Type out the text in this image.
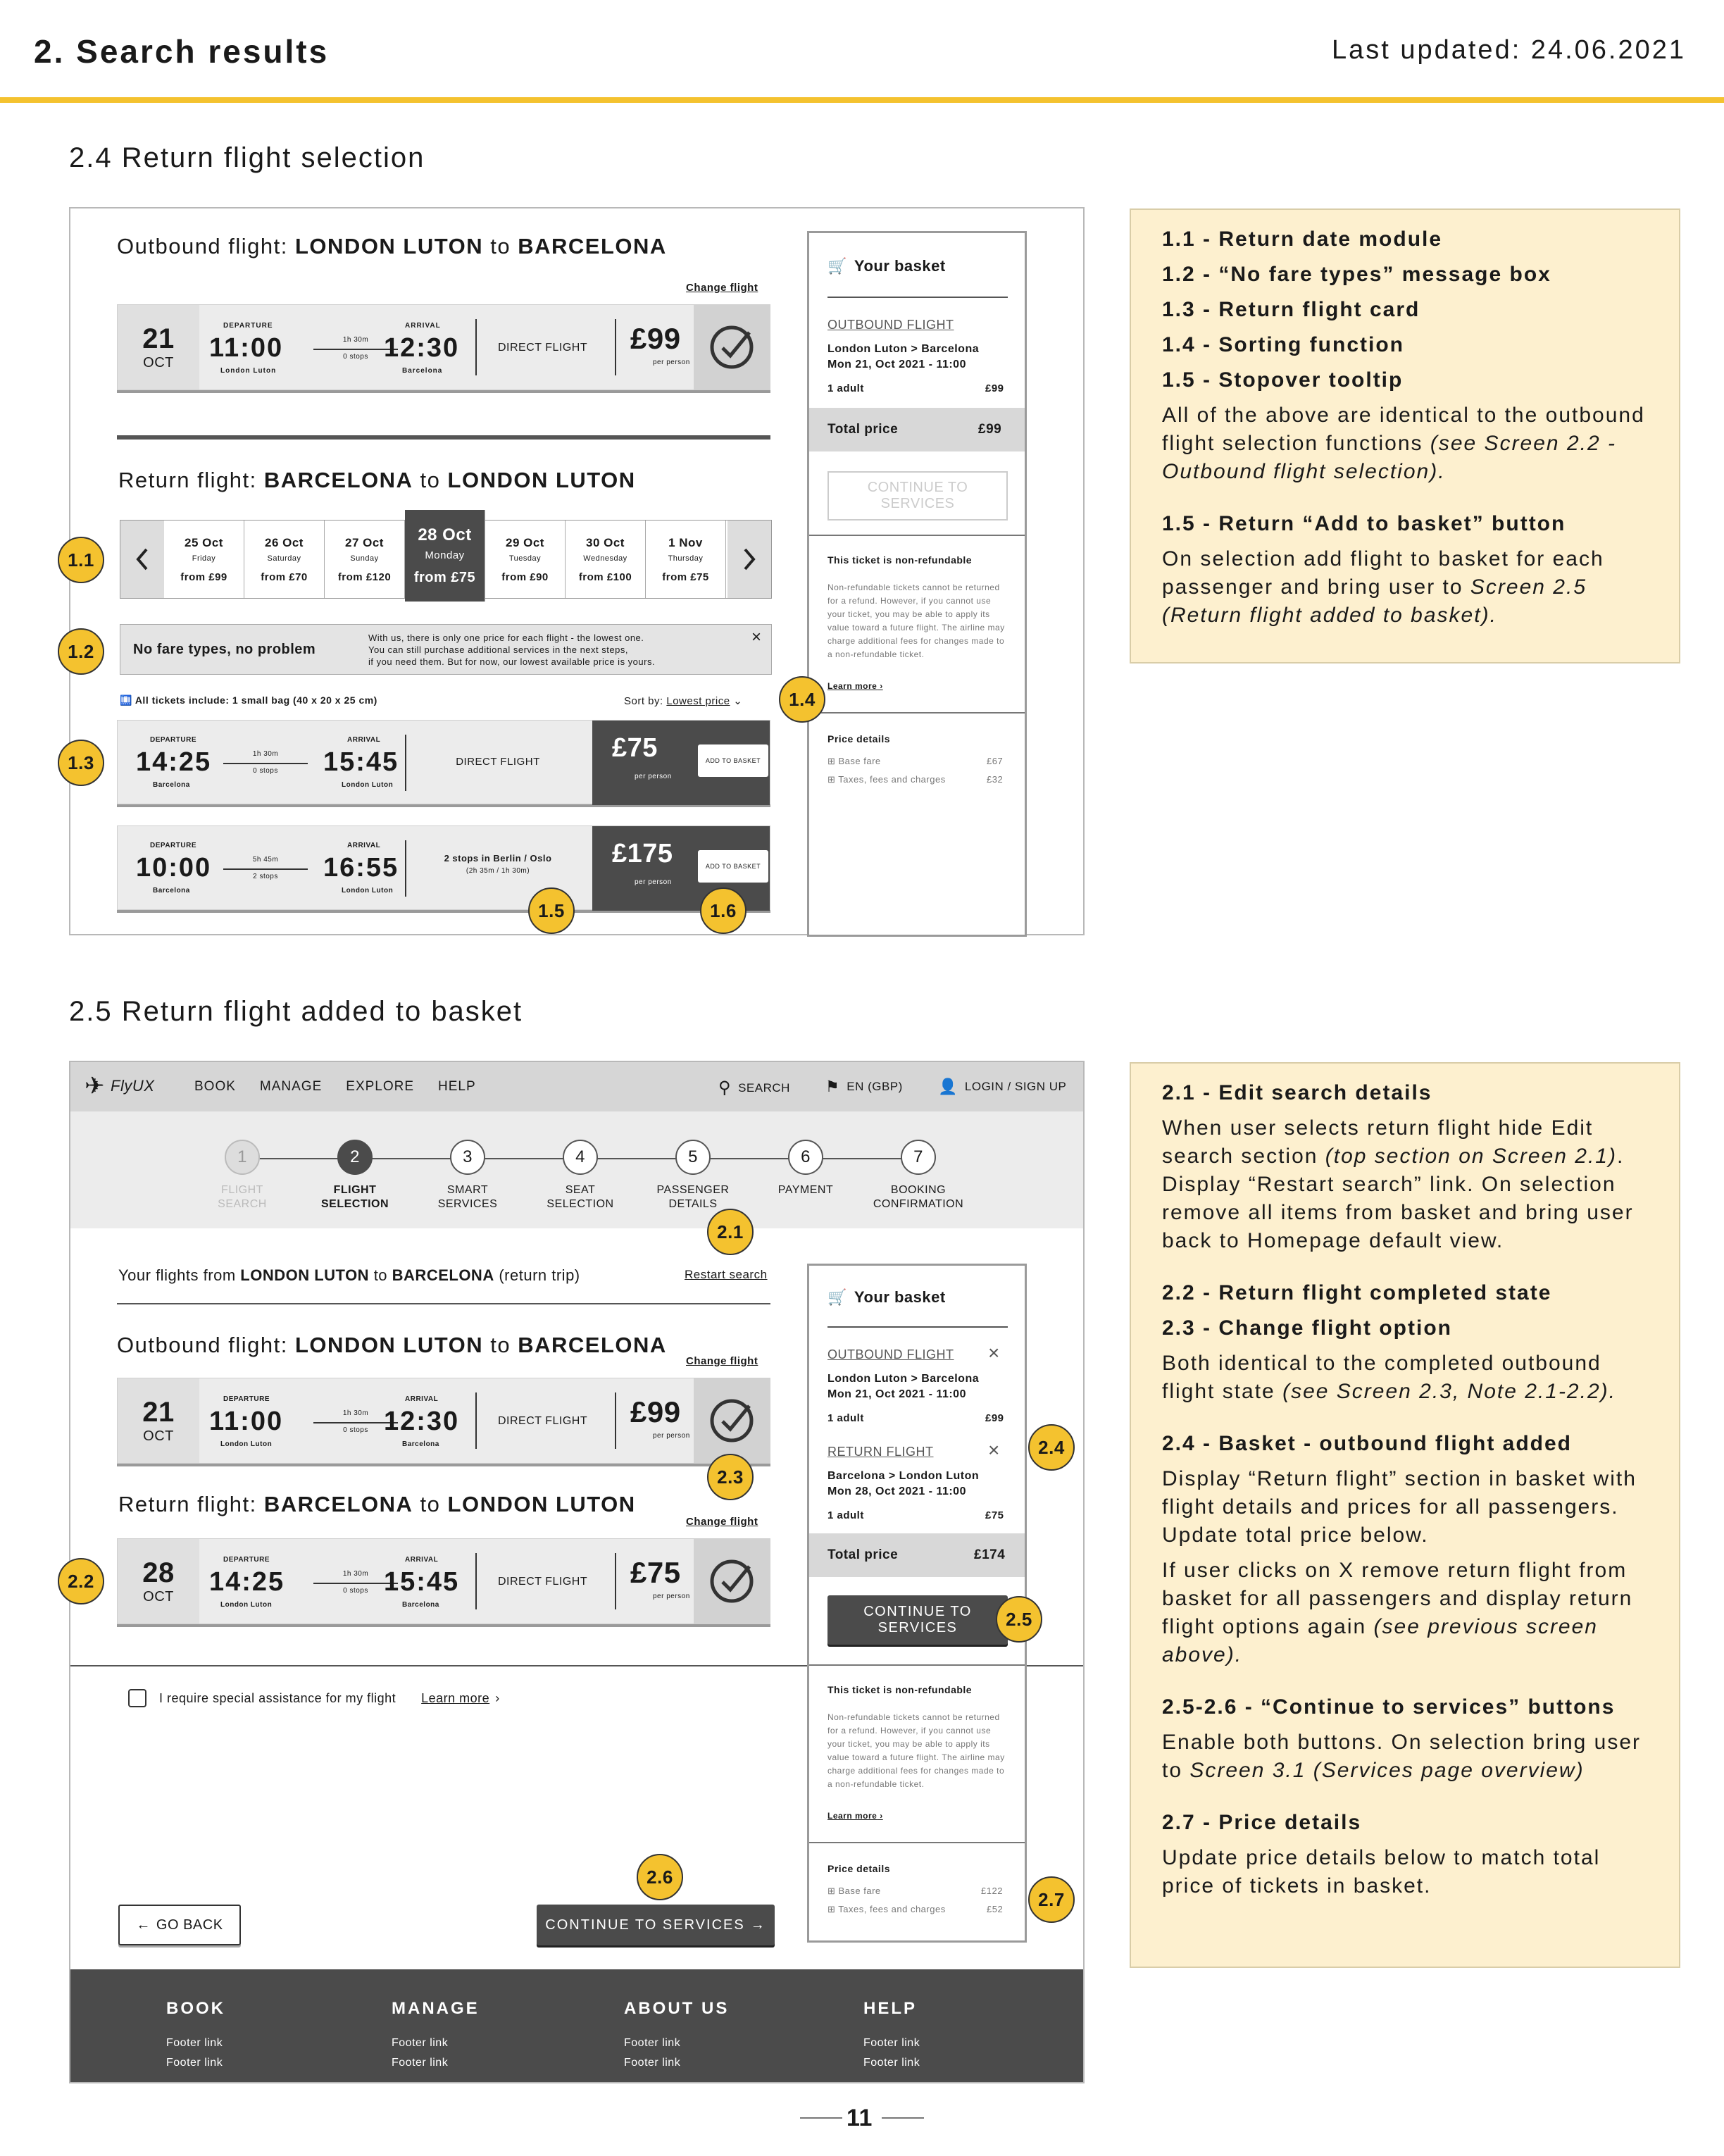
2. Search results	Last updated: 24.06.2021
2.4 Return flight selection
Outbound flight: LONDON LUTON to BARCELONA
Change flight
21
OCT
DEPARTURE
11:00
London Luton
1h 30m
0 stops
ARRIVAL
12:30
Barcelona
DIRECT FLIGHT £99
per person
Return flight: BARCELONA to LONDON LUTON
25 Oct
Friday
from £99
26 Oct
Saturday
from £70
27 Oct
Sunday
from £120
28 Oct
Monday
from £75
29 Oct
Tuesday
from £90
30 Oct
Wednesday
from £100
1 Nov
Thursday
from £75
No fare types, no problem
With us, there is only one price for each flight - the lowest one.
You can still purchase additional services in the next steps,
if you need them. But for now, our lowest available price is yours.
×
🛄 All tickets include: 1 small bag (40 x 20 x 25 cm)	Sort by: Lowest price ⌄
DEPARTURE
14:25
Barcelona
1h 30m
0 stops
ARRIVAL
15:45
London Luton
DIRECT FLIGHT	£75
per person
ADD TO BASKET
DEPARTURE
10:00
Barcelona
5h 45m
2 stops
ARRIVAL
16:55
London Luton
2 stops in Berlin / Oslo
(2h 35m / 1h 30m)
£175
per person
ADD TO BASKET
🛒 Your basket
OUTBOUND FLIGHT
London Luton > Barcelona
Mon 21, Oct 2021 - 11:00
1 adult	£99
Total price	£99
CONTINUE TO SERVICES
This ticket is non-refundable
Non-refundable tickets cannot be returned for a refund. However, if you cannot use your ticket, you may be able to apply its value toward a future flight. The airline may charge additional fees for changes made to a non-refundable ticket.
Learn more ›
Price details
⊞ Base fare	£67
⊞ Taxes, fees and charges	£32
1.1
1.2
1.3
1.4
1.5	1.6

1.1 - Return date module

1.2 - “No fare types” message box

1.3 - Return flight card

1.4 - Sorting function

1.5 - Stopover tooltip

All of the above are identical to the outbound flight selection functions (see Screen 2.2 - Outbound flight selection).

1.5 - Return “Add to basket” button

On selection add flight to basket for each passenger and bring user to Screen 2.5 (Return flight added to basket).

2.5 Return flight added to basket
✈ FlyUX	BOOK MANAGE EXPLORE HELP	⚲ SEARCH ⚑ EN (GBP) 👤 LOGIN / SIGN UP
1
FLIGHT
SEARCH
2
FLIGHT
SELECTION
3
SMART
SERVICES
4
SEAT
SELECTION
5
PASSENGER
DETAILS
6
PAYMENT
7
BOOKING
CONFIRMATION
Your flights from LONDON LUTON to BARCELONA (return trip)	Restart search
Outbound flight: LONDON LUTON to BARCELONA
Change flight
21
OCT
DEPARTURE
11:00
London Luton
1h 30m
0 stops
ARRIVAL
12:30
Barcelona
DIRECT FLIGHT £99
per person
Return flight: BARCELONA to LONDON LUTON
Change flight
28
OCT
DEPARTURE
14:25
London Luton
1h 30m
0 stops
ARRIVAL
15:45
Barcelona
DIRECT FLIGHT £75
per person
I require special assistance for my flight Learn more ›
← GO BACK	CONTINUE TO SERVICES →
🛒 Your basket
OUTBOUND FLIGHT ×
London Luton > Barcelona
Mon 21, Oct 2021 - 11:00
1 adult	£99
RETURN FLIGHT	×
Barcelona > London Luton
Mon 28, Oct 2021 - 11:00
1 adult	£75
Total price	£174
CONTINUE TO SERVICES
This ticket is non-refundable
Non-refundable tickets cannot be returned for a refund. However, if you cannot use your ticket, you may be able to apply its value toward a future flight. The airline may charge additional fees for changes made to a non-refundable ticket.
Learn more ›
Price details
⊞ Base fare	£122
⊞ Taxes, fees and charges	£52
BOOK
Footer link
Footer link
MANAGE
Footer link
Footer link
ABOUT US
Footer link
Footer link
HELP
Footer link
Footer link
2.1
2.2
2.3
2.4
2.5
2.6
2.7

2.1 - Edit search details

When user selects return flight hide Edit search section (top section on Screen 2.1). Display “Restart search” link. On selection remove all items from basket and bring user back to Homepage default view.

2.2 - Return flight completed state

2.3 - Change flight option

Both identical to the completed outbound flight state (see Screen 2.3, Note 2.1-2.2).

2.4 - Basket - outbound flight added

Display “Return flight” section in basket with flight details and prices for all passengers. Update total price below.

If user clicks on X remove return flight from basket for all passengers and display return flight options again (see previous screen above).

2.5-2.6 - “Continue to services” buttons

Enable both buttons. On selection bring user to Screen 3.1 (Services page overview)

2.7 - Price details

Update price details below to match total price of tickets in basket.

11
